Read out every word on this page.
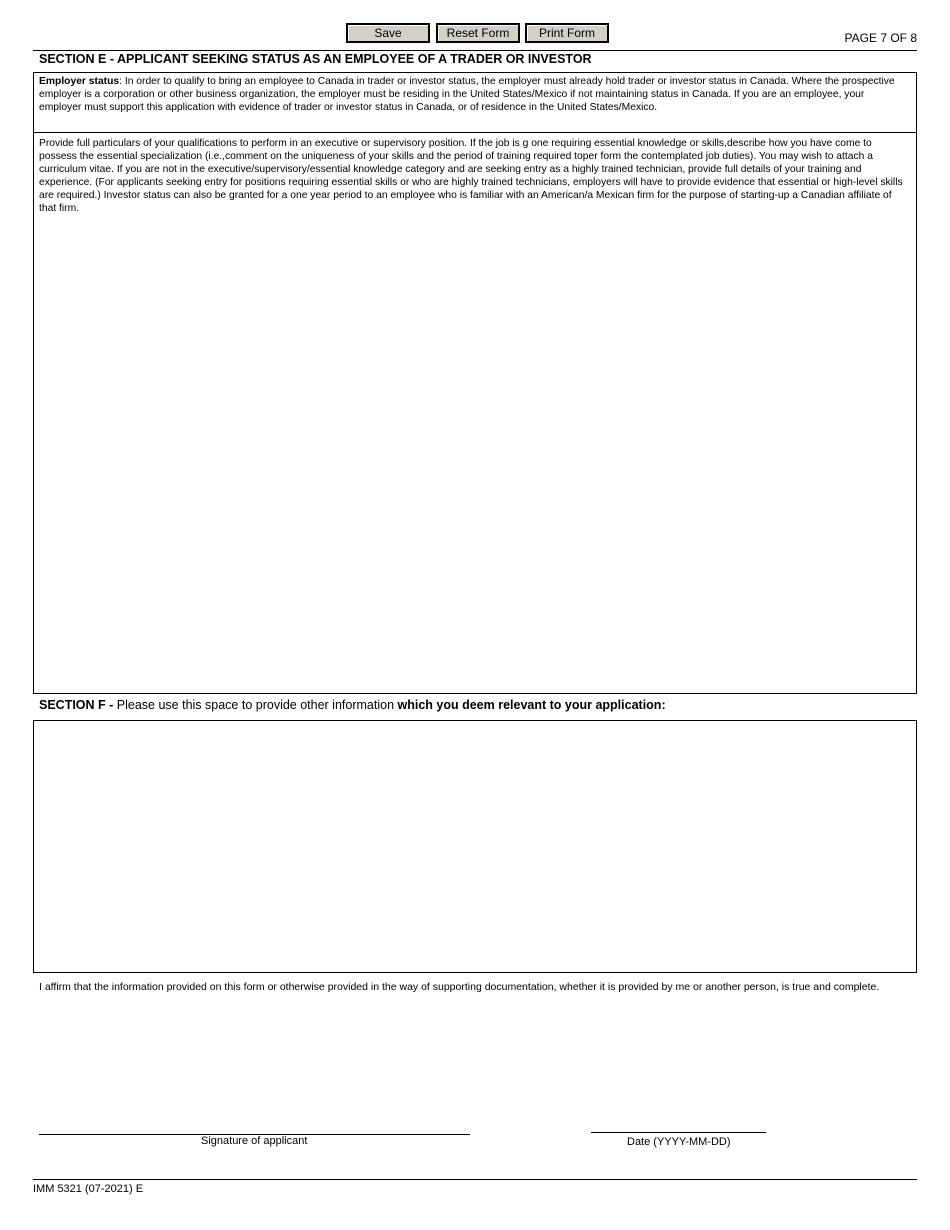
Save	Reset Form	Print Form	PAGE 7 OF 8
SECTION E - APPLICANT SEEKING STATUS AS AN EMPLOYEE OF A TRADER OR INVESTOR
Employer status: In order to qualify to bring an employee to Canada in trader or investor status, the employer must already hold trader or investor status in Canada. Where the prospective employer is a corporation or other business organization, the employer must be residing in the United States/Mexico if not maintaining status in Canada. If you are an employee, your employer must support this application with evidence of trader or investor status in Canada, or of residence in the United States/Mexico.
Provide full particulars of your qualifications to perform in an executive or supervisory position. If the job is g one requiring essential knowledge or skills,describe how you have come to possess the essential specialization (i.e.,comment on the uniqueness of your skills and the period of training required toper form the contemplated job duties). You may wish to attach a curriculum vitae. If you are not in the executive/supervisory/essential knowledge category and are seeking entry as a highly trained technician, provide full details of your training and experience. (For applicants seeking entry for positions requiring essential skills or who are highly trained technicians, employers will have to provide evidence that essential or high-level skills are required.) Investor status can also be granted for a one year period to an employee who is familiar with an American/a Mexican firm for the purpose of starting-up a Canadian affiliate of that firm.
SECTION F - Please use this space to provide other information which you deem relevant to your application:
I affirm that the information provided on this form or otherwise provided in the way of supporting documentation, whether it is provided by me or another person, is true and complete.
Signature of applicant	Date (YYYY-MM-DD)
IMM 5321 (07-2021) E
